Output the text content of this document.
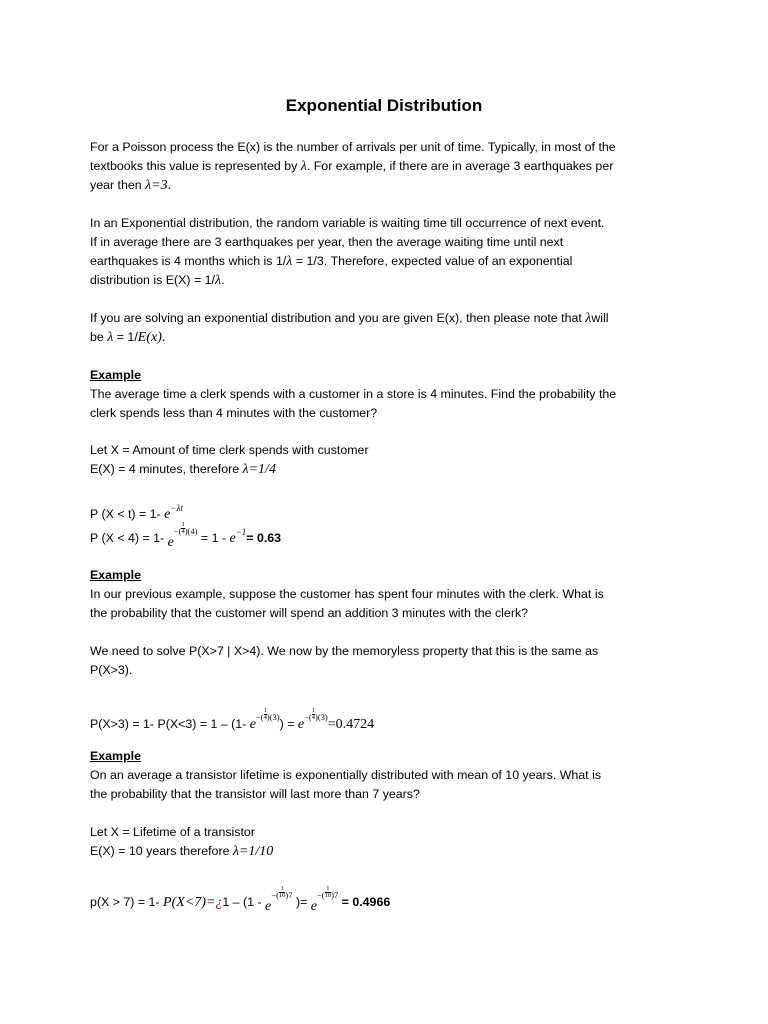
Exponential Distribution

For a Poisson process the E(x) is the number of arrivals per unit of time. Typically, in most of the
textbooks this value is represented by λ. For example, if there are in average 3 earthquakes per
year then λ=3.

In an Exponential distribution, the random variable is waiting time till occurrence of next event.
If in average there are 3 earthquakes per year, then the average waiting time until next
earthquakes is 4 months which is 1/λ = 1/3. Therefore, expected value of an exponential
distribution is E(X) = 1/λ.

If you are solving an exponential distribution and you are given E(x), then please note that λwill
be λ = 1/E(x).

Example
The average time a clerk spends with a customer in a store is 4 minutes. Find the probability the
clerk spends less than 4 minutes with the customer?

Let X = Amount of time clerk spends with customer
E(X) = 4 minutes, therefore λ=1/4

P (X < t) = 1- $e^{-\lambda t}$

P (X < 4) = 1- $e^{-(} \frac{1}{4} ^{)(4)} = 1 - e^{-1}= 0.63$

Example
In our previous example, suppose the customer has spent four minutes with the clerk. What is
the probability that the customer will spend an addition 3 minutes with the clerk?

We need to solve P(X>7 | X>4). We now by the memoryless property that this is the same as
P(X>3).

P(X>3) = 1- P(X<3) = 1 – (1- $e^{-(} \frac{1}{4} ^{)(3)}) = e^{-(} \frac{1}{4} ^{)(3)}=0.4724$

Example
On an average a transistor lifetime is exponentially distributed with mean of 10 years. What is
the probability that the transistor will last more than 7 years?

Let X = Lifetime of a transistor
E(X) = 10 years therefore λ=1/10

p(X > 7) = 1- P(X<7)=¿1 – ($1 - e^{-(} \frac{1}{10} ^{)7}$ )= $e^{-(} \frac{1}{10} ^{)7} = 0.4966$
